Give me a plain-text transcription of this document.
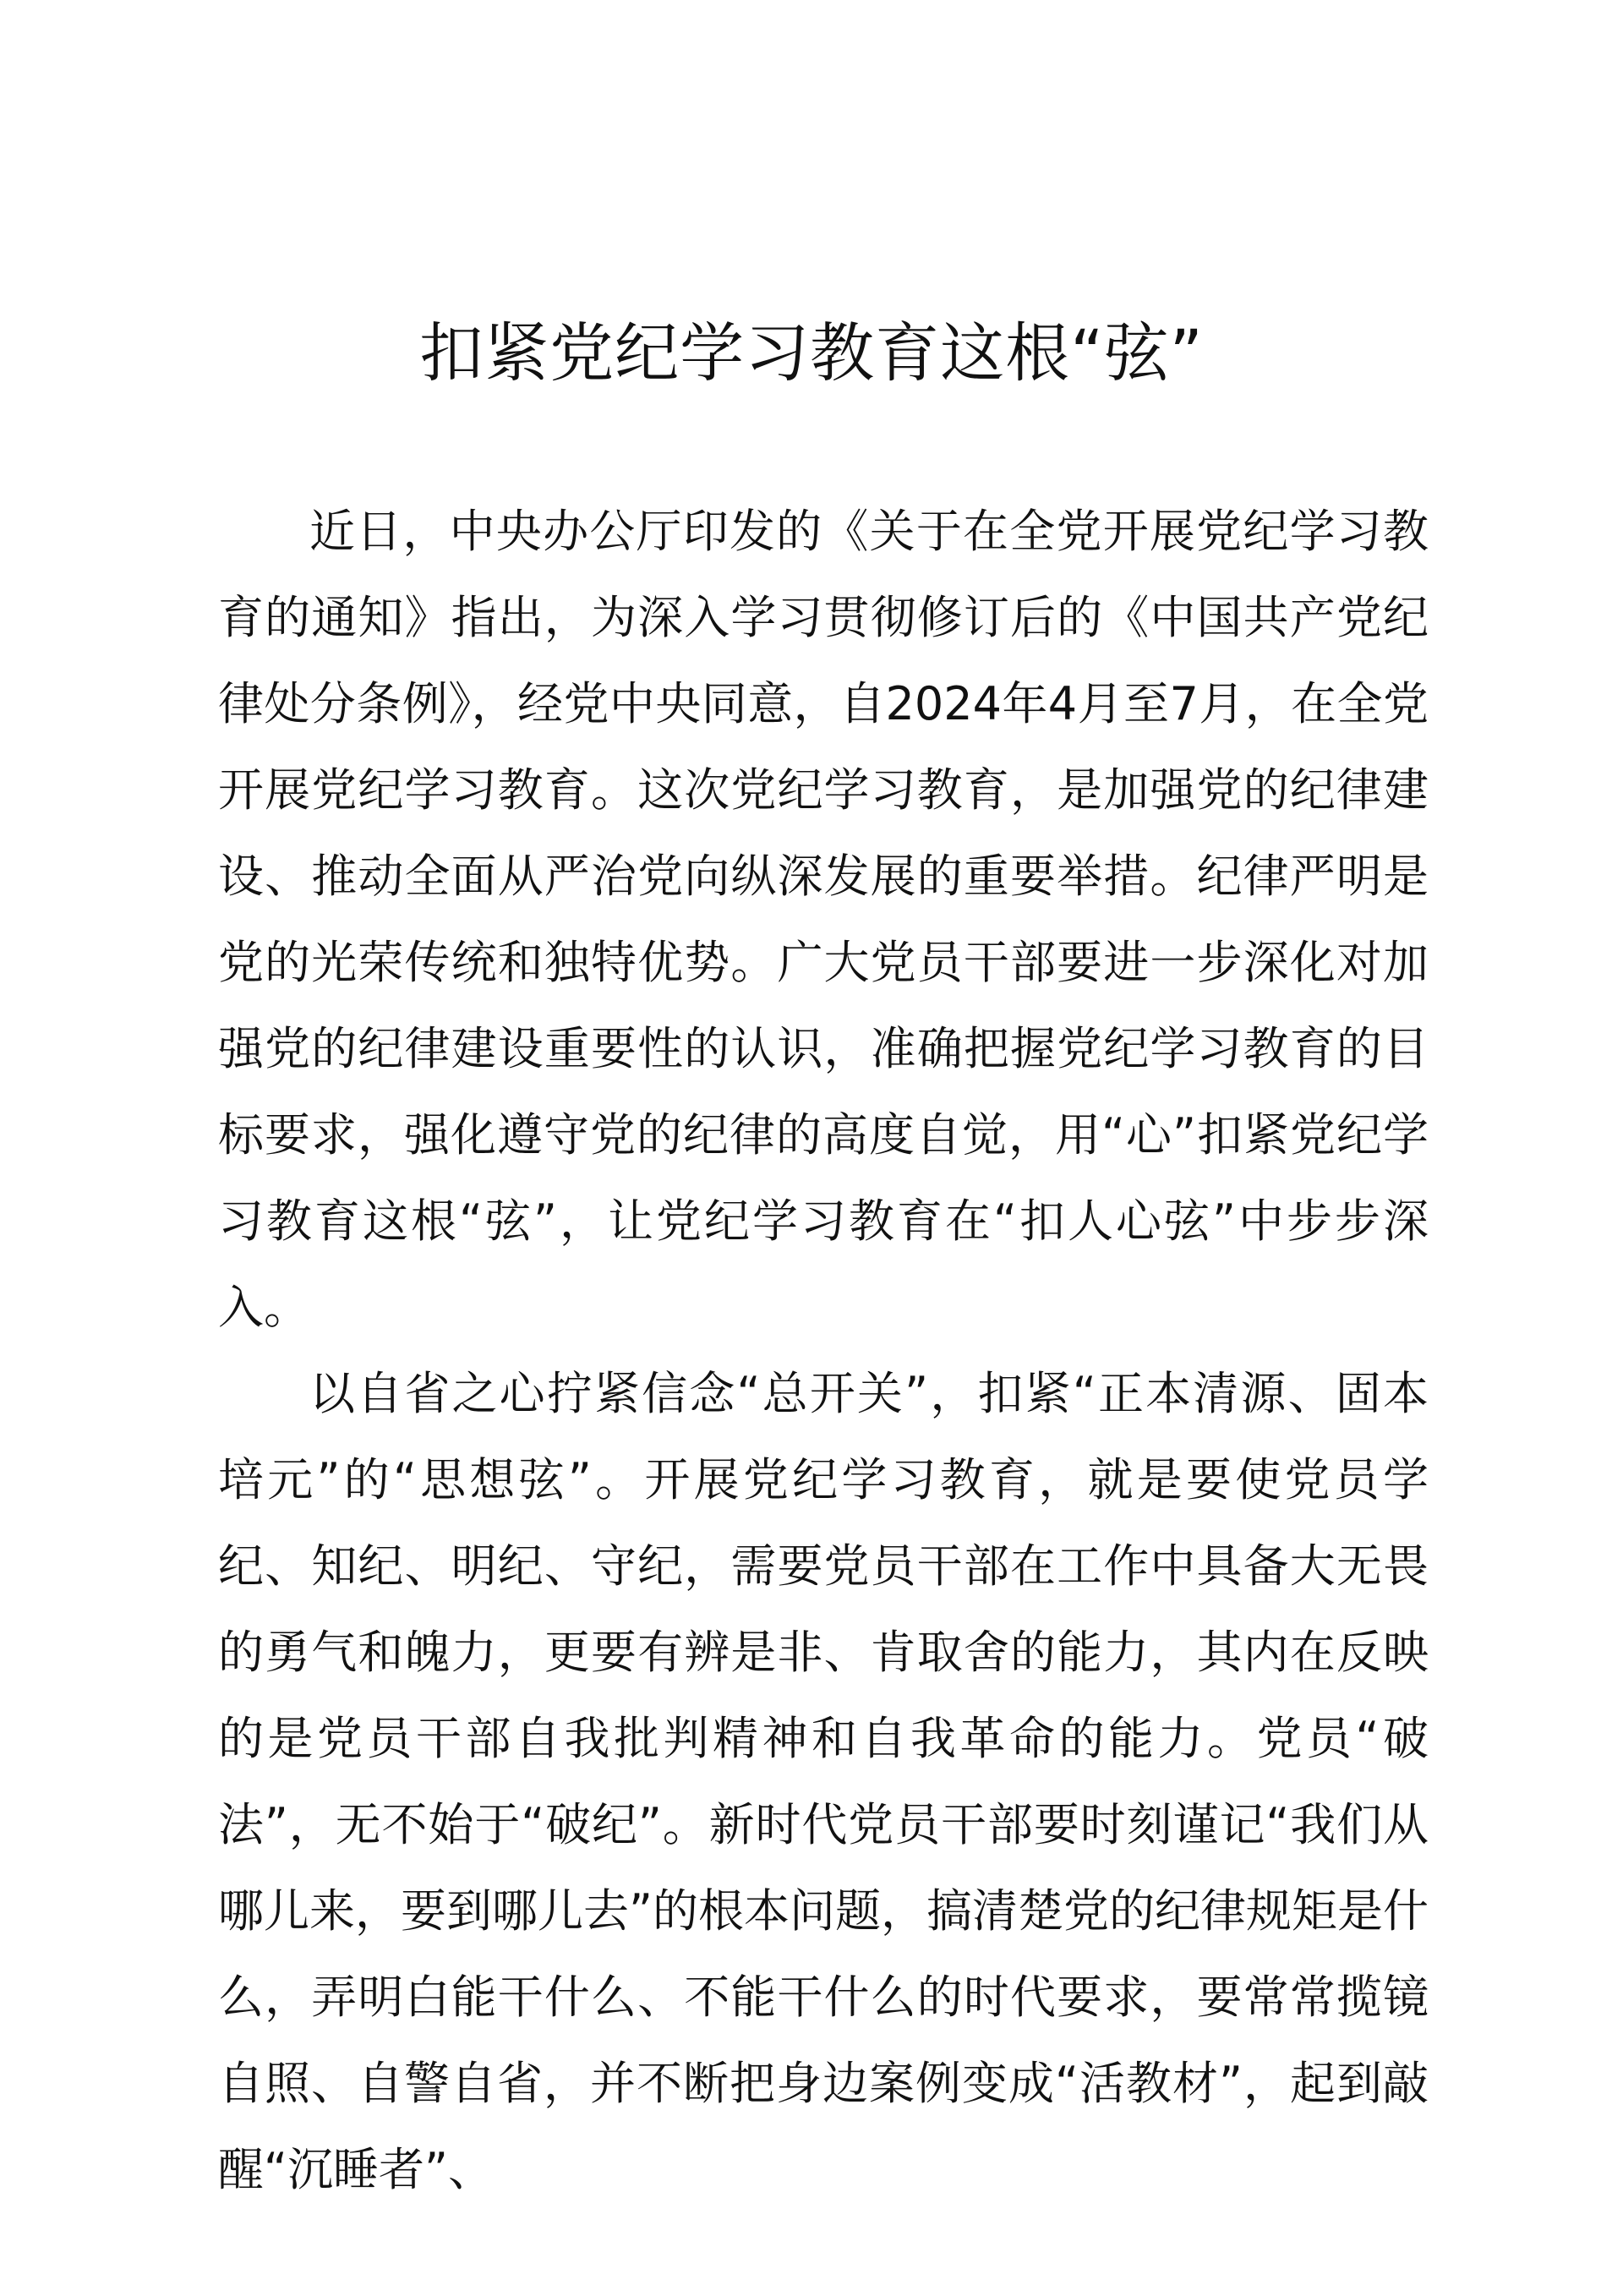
扣紧党纪学习教育这根“弦”

近日，中央办公厅印发的《关于在全党开展党纪学习教育的通知》指出，为深入学习贯彻修订后的《中国共产党纪律处分条例》，经党中央同意，自2024年4月至7月，在全党开展党纪学习教育。这次党纪学习教育，是加强党的纪律建设、推动全面从严治党向纵深发展的重要举措。纪律严明是党的光荣传统和独特优势。广大党员干部要进一步深化对加强党的纪律建设重要性的认识，准确把握党纪学习教育的目标要求，强化遵守党的纪律的高度自觉，用“心”扣紧党纪学习教育这根“弦”，让党纪学习教育在“扣人心弦”中步步深入。

以自省之心拧紧信念“总开关”，扣紧“正本清源、固本培元”的“思想弦”。开展党纪学习教育，就是要使党员学纪、知纪、明纪、守纪，需要党员干部在工作中具备大无畏的勇气和魄力，更要有辨是非、肯取舍的能力，其内在反映的是党员干部自我批判精神和自我革命的能力。党员“破法”，无不始于“破纪”。新时代党员干部要时刻谨记“我们从哪儿来，要到哪儿去”的根本问题，搞清楚党的纪律规矩是什么，弄明白能干什么、不能干什么的时代要求，要常常揽镜自照、自警自省，并不断把身边案例变成“活教材”，起到敲醒“沉睡者”、
